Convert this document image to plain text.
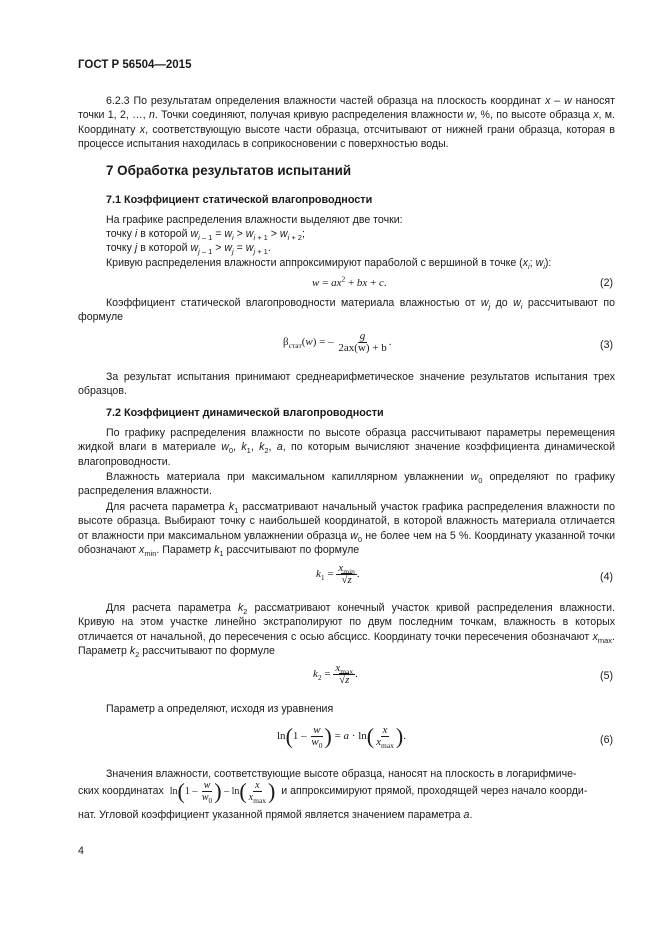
ГОСТ Р 56504—2015

6.2.3 По результатам определения влажности частей образца на плоскость координат x – w наносят точки 1, 2, …, n. Точки соединяют, получая кривую распределения влажности w, %, по высоте образца x, м. Координату x, соответствующую высоте части образца, отсчитывают от нижней грани образца, которая в процессе испытания находилась в соприкосновении с поверхностью воды.

7 Обработка результатов испытаний
7.1 Коэффициент статической влагопроводности
На графике распределения влажности выделяют две точки:
точку i в которой $w_{i - 1} = w_i > w_{i + 1} > w_{i + 2}$;
точку j в которой $w_{j - 1} > w_j = w_{j + 1}$.
Кривую распределения влажности аппроксимируют параболой с вершиной в точке ($x_i$; $w_i$):
$w = ax^2$ + bx + c.	(2)

Коэффициент статической влагопроводности материала влажностью от $w_j$ до $w_i$ рассчитывают по формуле

$\beta_{стат}(w)$ = – $\frac{g}{2ax(w) + b}$ .	(3)

За результат испытания принимают среднеарифметическое значение результатов испытания трех образцов.

7.2 Коэффициент динамической влагопроводности

По графику распределения влажности по высоте образца рассчитывают параметры перемещения жидкой влаги в материале $w_0$, $k_1$, $k_2$, a, по которым вычисляют значение коэффициента динамической влагопроводности.

Влажность материала при максимальном капиллярном увлажнении $w_0$ определяют по графику распределения влажности.

Для расчета параметра $k_1$ рассматривают начальный участок графика распределения влажности по высоте образца. Выбирают точку с наибольшей координатой, в которой влажность материала отличается от влажности при максимальном увлажнении образца $w_0$ не более чем на 5 %. Координату указанной точки обозначают $x_{min}$. Параметр $k_1$ рассчитывают по формуле

$k_1 = \frac{x_{min}}{√z}$ .	(4)

Для расчета параметра $k_2$ рассматривают конечный участок кривой распределения влажности. Кривую на этом участке линейно экстраполируют по двум последним точкам, влажность в которых отличается от начальной, до пересечения с осью абсцисс. Координату точки пересечения обозначают $x_{max}$. Параметр $k_2$ рассчитывают по формуле

$k_2 = \frac{x_{max}}{√z}$ .	(5)

Параметр a определяют, исходя из уравнения

$\ln(1 - \frac{w}{w_0}$ ) = $a \cdot \ln( \frac{x}{x_{max}}$ ).	(6)
Значения влажности, соответствующие высоте образца, наносят на плоскость в логарифмиче-
ских координатах  $\ln(1 - \frac{w}{w_0}$ ) – $\ln( \frac{x}{x_{max}}$ )  и аппроксимируют прямой, проходящей через начало коорди-
нат. Угловой коэффициент указанной прямой является значением параметра a.
4
